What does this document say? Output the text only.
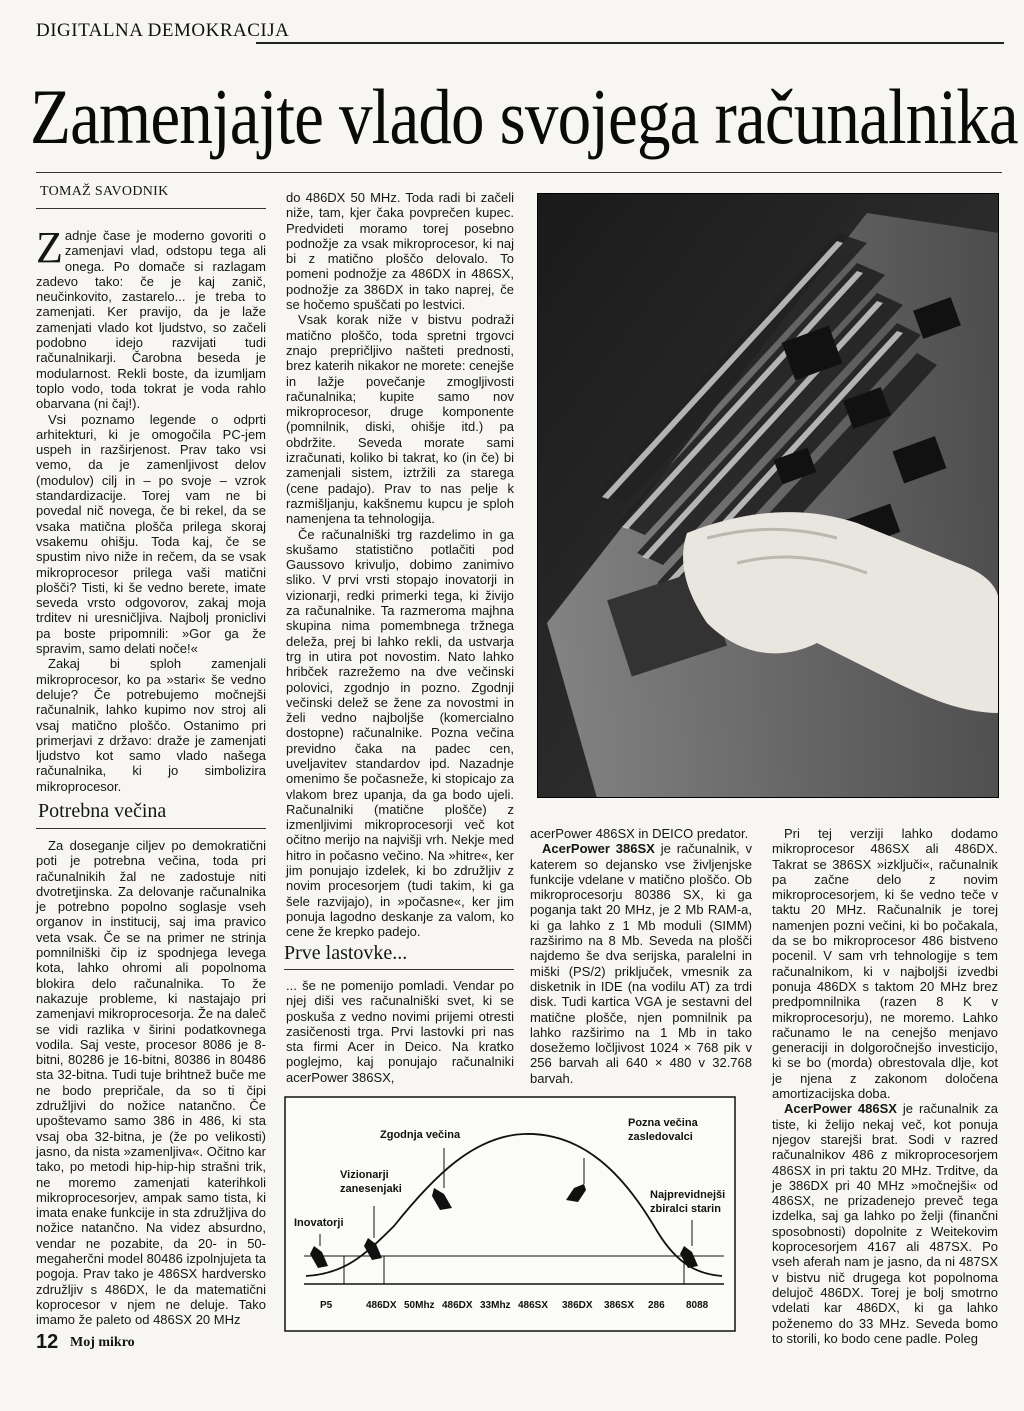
DIGITALNA DEMOKRACIJA
Zamenjajte vlado svojega računalnika
TOMAŽ SAVODNIK

Zadnje čase je moderno govoriti o zamenjavi vlad, odstopu tega ali onega. Po domače si razlagam zadevo tako: če je kaj zanič, neučinkovito, zastarelo... je treba to zamenjati. Ker pravijo, da je laže zamenjati vlado kot ljudstvo, so začeli podobno idejo razvijati tudi računalnikarji. Čarobna beseda je modularnost. Rekli boste, da izumljam toplo vodo, toda tokrat je voda rahlo obarvana (ni čaj!).

Vsi poznamo legende o odprti arhitekturi, ki je omogočila PC-jem uspeh in razširjenost. Prav tako vsi vemo, da je zamenljivost delov (modulov) cilj in – po svoje – vzrok standardizacije. Torej vam ne bi povedal nič novega, če bi rekel, da se vsaka matična plošča prilega skoraj vsakemu ohišju. Toda kaj, če se spustim nivo niže in rečem, da se vsak mikroprocesor prilega vaši matični plošči? Tisti, ki še vedno berete, imate seveda vrsto odgovorov, zakaj moja trditev ni uresničljiva. Najbolj proniclivi pa boste pripomnili: »Gor ga že spravim, samo delati noče!«

Zakaj bi sploh zamenjali mikroprocesor, ko pa »stari« še vedno deluje? Če potrebujemo močnejši računalnik, lahko kupimo nov stroj ali vsaj matično ploščo. Ostanimo pri primerjavi z državo: draže je zamenjati ljudstvo kot samo vlado našega računalnika, ki jo simbolizira mikroprocesor.

Potrebna večina

Za doseganje ciljev po demokratični poti je potrebna večina, toda pri računalnikih žal ne zadostuje niti dvotretjinska. Za delovanje računalnika je potrebno popolno soglasje vseh organov in institucij, saj ima pravico veta vsak. Če se na primer ne strinja pomnilniški čip iz spodnjega levega kota, lahko ohromi ali popolnoma blokira delo računalnika. To že nakazuje probleme, ki nastajajo pri zamenjavi mikroprocesorja. Že na daleč se vidi razlika v širini podatkovnega vodila. Saj veste, procesor 8086 je 8-bitni, 80286 je 16-bitni, 80386 in 80486 sta 32-bitna. Tudi tuje brihtnež buče me ne bodo prepričale, da so ti čipi združljivi do nožice natančno. Če upoštevamo samo 386 in 486, ki sta vsaj oba 32-bitna, je (že po velikosti) jasno, da nista »zamenljiva«. Očitno kar tako, po metodi hip-hip-hip strašni trik, ne moremo zamenjati katerihkoli mikroprocesorjev, ampak samo tista, ki imata enake funkcije in sta združljiva do nožice natančno. Na videz absurdno, vendar ne pozabite, da 20- in 50-megaherčni model 80486 izpolnjujeta ta pogoja. Prav tako je 486SX hardversko združljiv s 486DX, le da matematični koprocesor v njem ne deluje. Tako imamo že paleto od 486SX 20 MHz

do 486DX 50 MHz. Toda radi bi začeli niže, tam, kjer čaka povprečen kupec. Predvideti moramo torej posebno podnožje za vsak mikroprocesor, ki naj bi z matično ploščo delovalo. To pomeni podnožje za 486DX in 486SX, podnožje za 386DX in tako naprej, če se hočemo spuščati po lestvici.

Vsak korak niže v bistvu podraži matično ploščo, toda spretni trgovci znajo prepričljivo našteti prednosti, brez katerih nikakor ne morete: cenejše in lažje povečanje zmogljivosti računalnika; kupite samo nov mikroprocesor, druge komponente (pomnilnik, diski, ohišje itd.) pa obdržite. Seveda morate sami izračunati, koliko bi takrat, ko (in če) bi zamenjali sistem, iztržili za starega (cene padajo). Prav to nas pelje k razmišljanju, kakšnemu kupcu je sploh namenjena ta tehnologija.

Če računalniški trg razdelimo in ga skušamo statistično potlačiti pod Gaussovo krivuljo, dobimo zanimivo sliko. V prvi vrsti stopajo inovatorji in vizionarji, redki primerki tega, ki živijo za računalnike. Ta razmeroma majhna skupina nima pomembnega tržnega deleža, prej bi lahko rekli, da ustvarja trg in utira pot novostim. Nato lahko hribček razrežemo na dve večinski polovici, zgodnjo in pozno. Zgodnji večinski delež se žene za novostmi in želi vedno najboljše (komercialno dostopne) računalnike. Pozna večina previdno čaka na padec cen, uveljavitev standardov ipd. Nazadnje omenimo še počasneže, ki stopicajo za vlakom brez upanja, da ga bodo ujeli. Računalniki (matične plošče) z izmenljivimi mikroprocesorji več kot očitno merijo na najvišji vrh. Nekje med hitro in počasno večino. Na »hitre«, ker jim ponujajo izdelek, ki bo združljiv z novim procesorjem (tudi takim, ki ga šele razvijajo), in »počasne«, ker jim ponuja lagodno deskanje za valom, ko cene že krepko padejo.

Prve lastovke...

... še ne pomenijo pomladi. Vendar po njej diši ves računalniški svet, ki se poskuša z vedno novimi prijemi otresti zasičenosti trga. Prvi lastovki pri nas sta firmi Acer in Deico. Na kratko poglejmo, kaj ponujajo računalniki acerPower 386SX,

acerPower 486SX in DEICO predator.

AcerPower 386SX je računalnik, v katerem so dejansko vse življenjske funkcije vdelane v matično ploščo. Ob mikroprocesorju 80386 SX, ki ga poganja takt 20 MHz, je 2 Mb RAM-a, ki ga lahko z 1 Mb moduli (SIMM) razširimo na 8 Mb. Seveda na plošči najdemo še dva serijska, paralelni in miški (PS/2) priključek, vmesnik za disketnik in IDE (na vodilu AT) za trdi disk. Tudi kartica VGA je sestavni del matične plošče, njen pomnilnik pa lahko razširimo na 1 Mb in tako dosežemo ločljivost 1024 × 768 pik v 256 barvah ali 640 × 480 v 32.768 barvah.

Pri tej verziji lahko dodamo mikroprocesor 486SX ali 486DX. Takrat se 386SX »izključi«, računalnik pa začne delo z novim mikroprocesorjem, ki še vedno teče v taktu 20 MHz. Računalnik je torej namenjen pozni večini, ki bo počakala, da se bo mikroprocesor 486 bistveno pocenil. V sam vrh tehnologije s tem računalnikom, ki v najboljši izvedbi ponuja 486DX s taktom 20 MHz brez predpomnilnika (razen 8 K v mikroprocesorju), ne moremo. Lahko računamo le na cenejšo menjavo generaciji in dolgoročnejšo investicijo, ki se bo (morda) obrestovala dlje, kot je njena z zakonom določena amortizacijska doba.

AcerPower 486SX je računalnik za tiste, ki želijo nekaj več, kot ponuja njegov starejši brat. Sodi v razred računalnikov 486 z mikroprocesorjem 486SX in pri taktu 20 MHz. Trditve, da je 386DX pri 40 MHz »močnejši« od 486SX, ne prizadenejo preveč tega izdelka, saj ga lahko po želji (finančni sposobnosti) dopolnite z Weitekovim koprocesorjem 4167 ali 487SX. Po vseh aferah nam je jasno, da ni 487SX v bistvu nič drugega kot popolnoma delujoč 486DX. Torej je bolj smotrno vdelati kar 486DX, ki ga lahko poženemo do 33 MHz. Seveda bomo to storili, ko bodo cene padle. Poleg

Inovatorji
Vizionarji
zanesenjaki
Zgodnja večina
Pozna večina
zasledovalci
Najprevidnejši
zbiralci starin
P5	486DX 50Mhz 486DX 33Mhz 486SX 386DX 386SX 286 8088
12 Moj mikro
